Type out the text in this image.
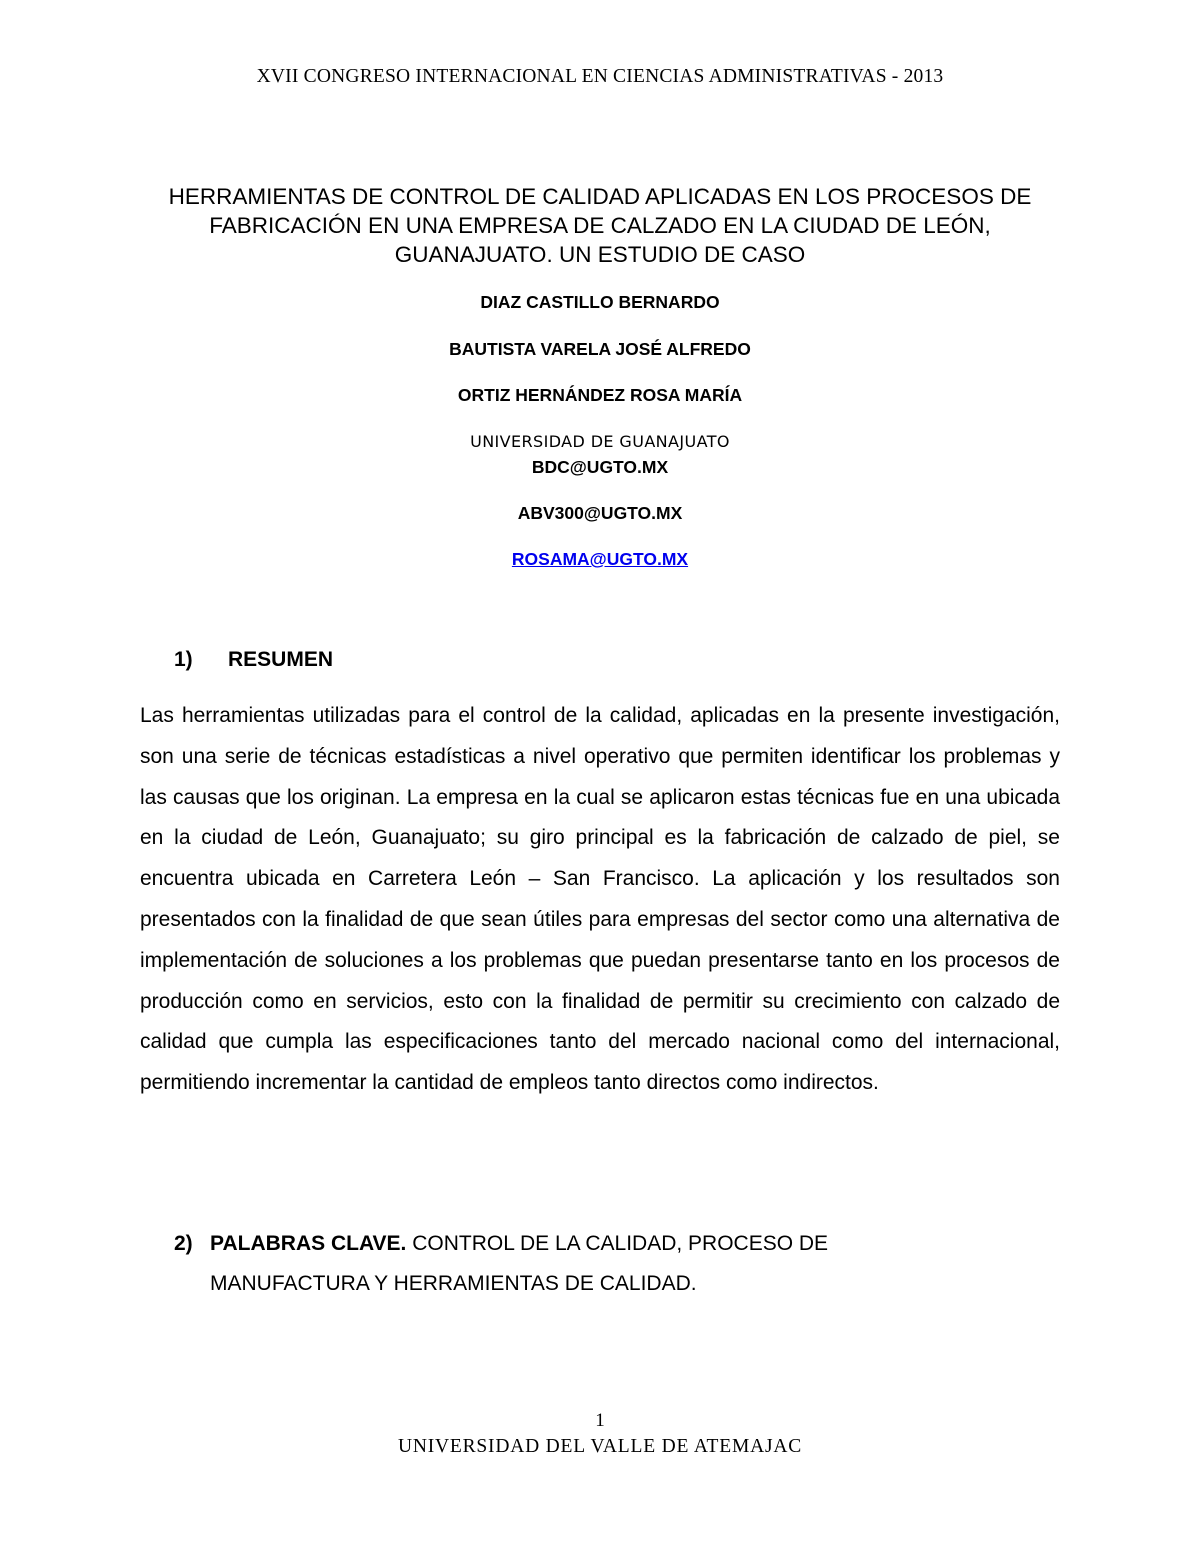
XVII CONGRESO INTERNACIONAL EN CIENCIAS ADMINISTRATIVAS - 2013
HERRAMIENTAS DE CONTROL DE CALIDAD APLICADAS EN LOS PROCESOS DE FABRICACIÓN EN UNA EMPRESA DE CALZADO EN LA CIUDAD DE LEÓN, GUANAJUATO. UN ESTUDIO DE CASO
DIAZ CASTILLO BERNARDO
BAUTISTA VARELA JOSÉ ALFREDO
ORTIZ HERNÁNDEZ ROSA MARÍA
UNIVERSIDAD DE GUANAJUATO
BDC@UGTO.MX
ABV300@UGTO.MX
ROSAMA@UGTO.MX
1) RESUMEN

Las herramientas utilizadas para el control de la calidad, aplicadas en la presente investigación, son una serie de técnicas estadísticas a nivel operativo que permiten identificar los problemas y las causas que los originan. La empresa en la cual se aplicaron estas técnicas fue en una ubicada en la ciudad de León, Guanajuato; su giro principal es la fabricación de calzado de piel, se encuentra ubicada en Carretera León – San Francisco. La aplicación y los resultados son presentados con la finalidad de que sean útiles para empresas del sector como una alternativa de implementación de soluciones a los problemas que puedan presentarse tanto en los procesos de producción como en servicios, esto con la finalidad de permitir su crecimiento con calzado de calidad que cumpla las especificaciones tanto del mercado nacional como del internacional, permitiendo incrementar la cantidad de empleos tanto directos como indirectos.

2) PALABRAS CLAVE. CONTROL DE LA CALIDAD, PROCESO DE MANUFACTURA Y HERRAMIENTAS DE CALIDAD.
1
UNIVERSIDAD DEL VALLE DE ATEMAJAC
